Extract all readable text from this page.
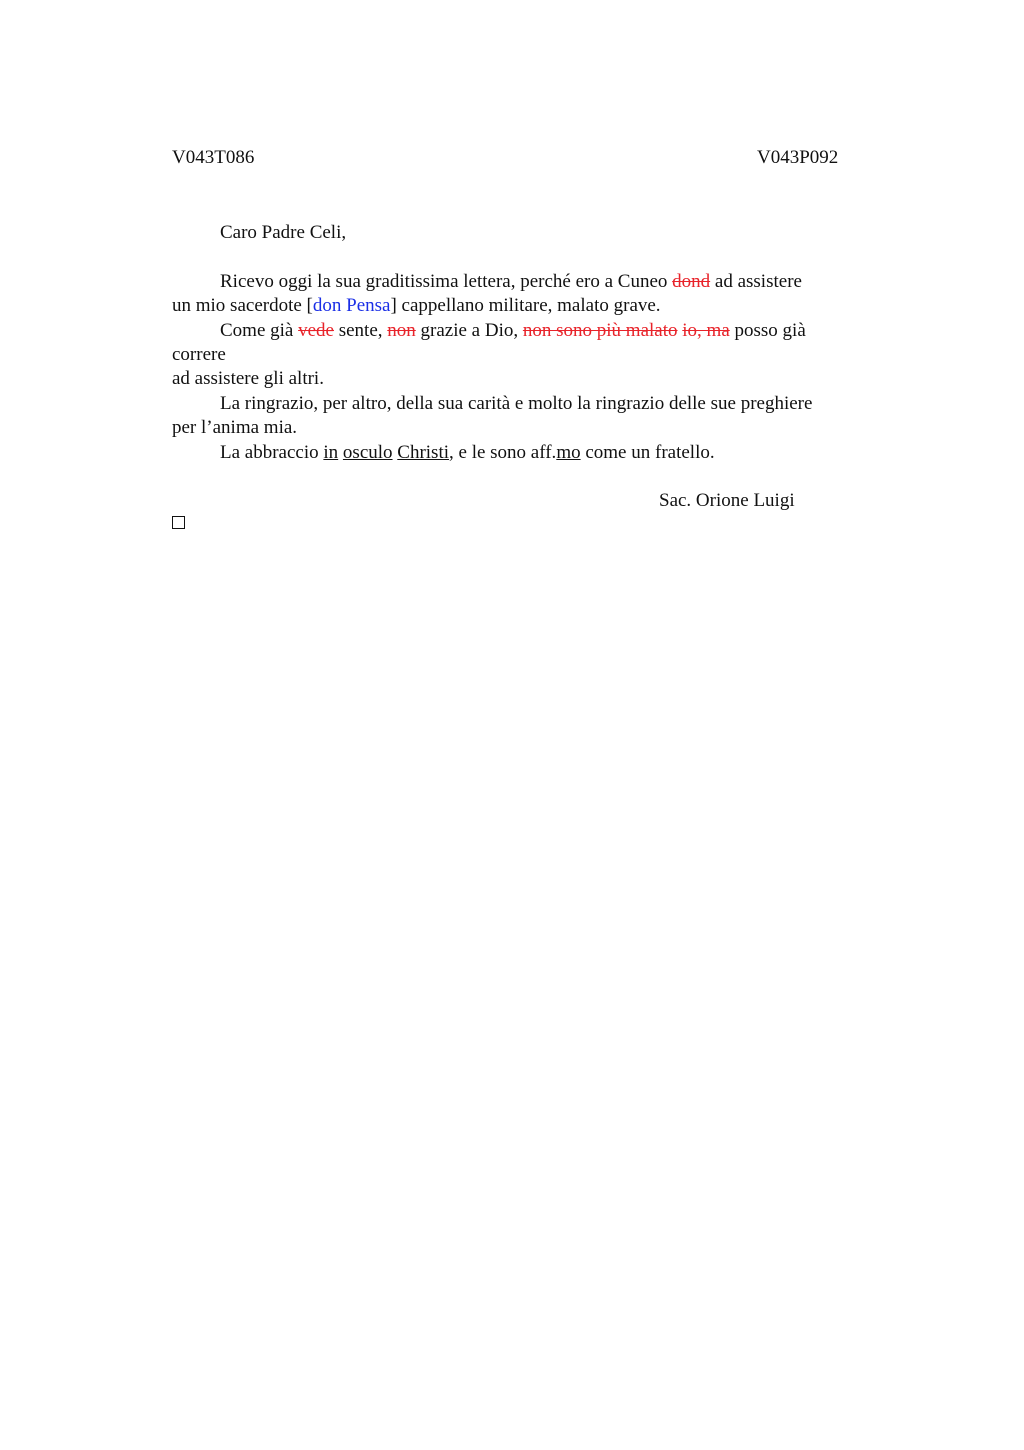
V043T086	V043P092
Caro Padre Celi,
Ricevo oggi la sua graditissima lettera, perché ero a Cuneo dond ad assistere
un mio sacerdote [don Pensa] cappellano militare, malato grave.
Come già vede sente, non grazie a Dio, non sono più malato io, ma posso già
correre
ad assistere gli altri.
La ringrazio, per altro, della sua carità e molto la ringrazio delle sue preghiere
per l’anima mia.
La abbraccio in osculo Christi, e le sono aff.mo come un fratello.
Sac. Orione Luigi
